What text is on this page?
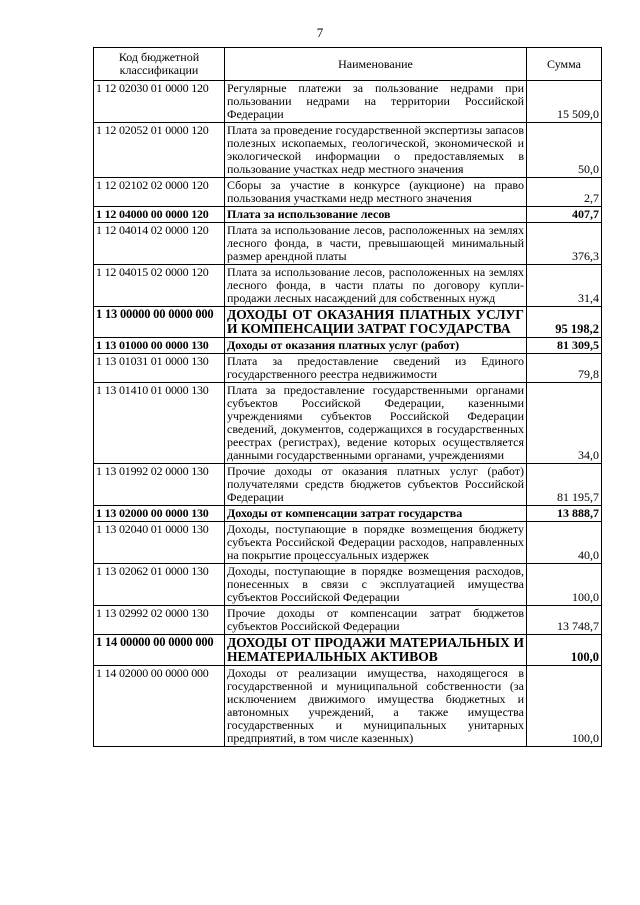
7
Код бюджетной классификации	Наименование	Сумма
1 12 02030 01 0000 120	Регулярные платежи за пользование недрами при пользовании недрами на территории Российской Федерации	15 509,0
1 12 02052 01 0000 120	Плата за проведение государственной экспертизы запасов полезных ископаемых, геологической, экономической и экологической информации о предоставляемых в пользование участках недр местного значения	50,0
1 12 02102 02 0000 120	Сборы за участие в конкурсе (аукционе) на право пользования участками недр местного значения	2,7
1 12 04000 00 0000 120	Плата за использование лесов	407,7
1 12 04014 02 0000 120	Плата за использование лесов, расположенных на землях лесного фонда, в части, превышающей минимальный размер арендной платы	376,3
1 12 04015 02 0000 120	Плата за использование лесов, расположенных на землях лесного фонда, в части платы по договору купли-продажи лесных насаждений для собственных нужд	31,4
1 13 00000 00 0000 000	ДОХОДЫ ОТ ОКАЗАНИЯ ПЛАТНЫХ УСЛУГ И КОМПЕНСАЦИИ ЗАТРАТ ГОСУДАРСТВА	95 198,2
1 13 01000 00 0000 130	Доходы от оказания платных услуг (работ)	81 309,5
1 13 01031 01 0000 130	Плата за предоставление сведений из Единого государственного реестра недвижимости	79,8
1 13 01410 01 0000 130	Плата за предоставление государственными органами субъектов Российской Федерации, казенными учреждениями субъектов Российской Федерации сведений, документов, содержащихся в государственных реестрах (регистрах), ведение которых осуществляется данными государственными органами, учреждениями	34,0
1 13 01992 02 0000 130	Прочие доходы от оказания платных услуг (работ) получателями средств бюджетов субъектов Российской Федерации	81 195,7
1 13 02000 00 0000 130	Доходы от компенсации затрат государства	13 888,7
1 13 02040 01 0000 130	Доходы, поступающие в порядке возмещения бюджету субъекта Российской Федерации расходов, направленных на покрытие процессуальных издержек	40,0
1 13 02062 01 0000 130	Доходы, поступающие в порядке возмещения расходов, понесенных в связи с эксплуатацией имущества субъектов Российской Федерации	100,0
1 13 02992 02 0000 130	Прочие доходы от компенсации затрат бюджетов субъектов Российской Федерации	13 748,7
1 14 00000 00 0000 000	ДОХОДЫ ОТ ПРОДАЖИ МАТЕРИАЛЬНЫХ И НЕМАТЕРИАЛЬНЫХ АКТИВОВ	100,0
1 14 02000 00 0000 000	Доходы от реализации имущества, находящегося в государственной и муниципальной собственности (за исключением движимого имущества бюджетных и автономных учреждений, а также имущества государственных и муниципальных унитарных предприятий, в том числе казенных)	100,0
